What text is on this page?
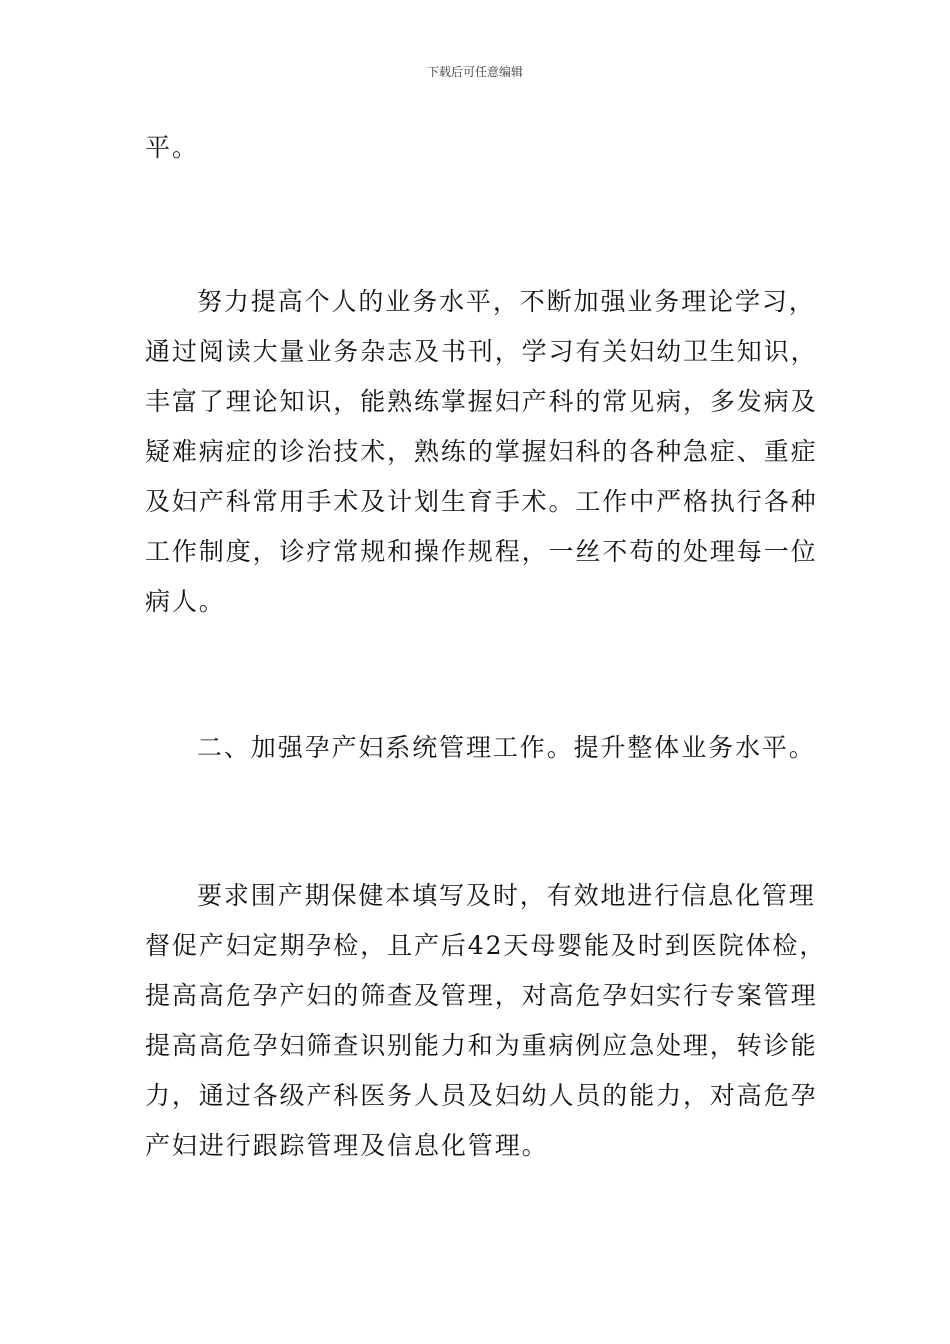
下载后可任意编辑
平。
努力提高个人的业务水平，不断加强业务理论学习，
通过阅读大量业务杂志及书刊，学习有关妇幼卫生知识，
丰富了理论知识，能熟练掌握妇产科的常见病，多发病及
疑难病症的诊治技术，熟练的掌握妇科的各种急症、重症
及妇产科常用手术及计划生育手术。工作中严格执行各种
工作制度，诊疗常规和操作规程，一丝不苟的处理每一位
病人。
二、加强孕产妇系统管理工作。提升整体业务水平。
要求围产期保健本填写及时，有效地进行信息化管理
督促产妇定期孕检，且产后42天母婴能及时到医院体检，
提高高危孕产妇的筛查及管理，对高危孕妇实行专案管理
提高高危孕妇筛查识别能力和为重病例应急处理，转诊能
力，通过各级产科医务人员及妇幼人员的能力，对高危孕
产妇进行跟踪管理及信息化管理。
